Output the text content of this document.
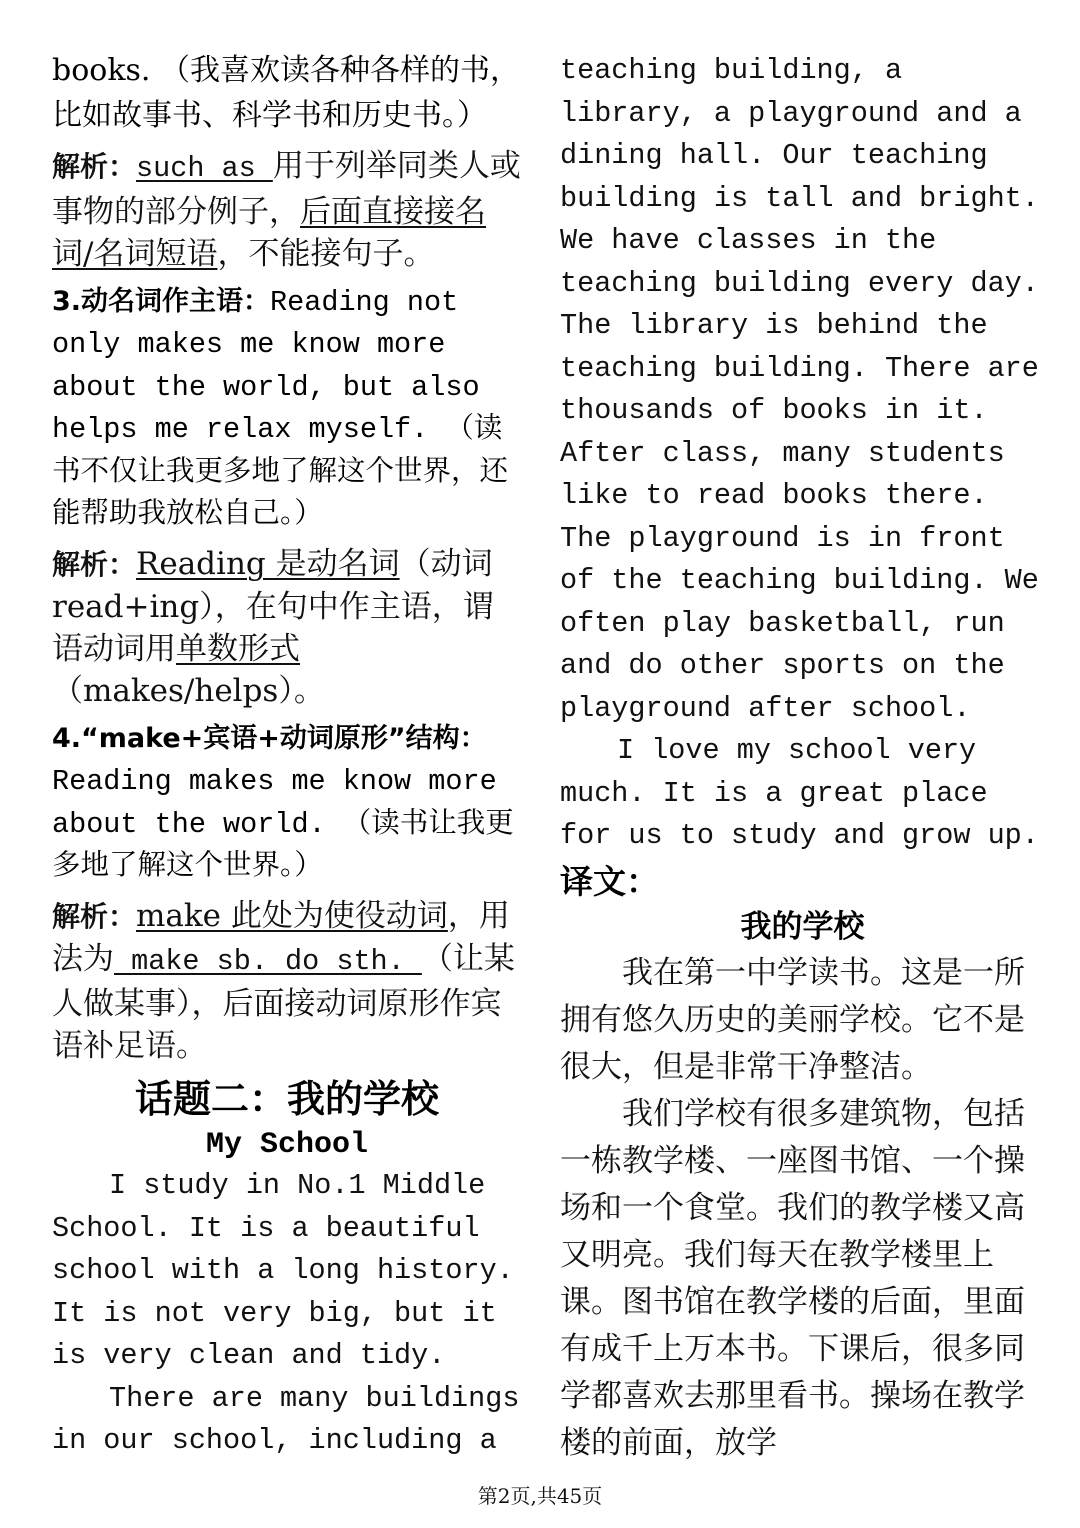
books. （我喜欢读各种各样的书，比如故事书、科学书和历史书。）

解析：such as 用于列举同类人或事物的部分例子，后面直接接名词/名词短语，不能接句子。

3.动名词作主语：Reading not only makes me know more about the world, but also helps me relax myself. （读书不仅让我更多地了解这个世界，还能帮助我放松自己。）

解析：Reading 是动名词（动词read+ing），在句中作主语，谓语动词用单数形式（makes/helps）。

4.“make+宾语+动词原形”结构：Reading makes me know more about the world. （读书让我更多地了解这个世界。）

解析：make 此处为使役动词，用法为 make sb. do sth. （让某人做某事），后面接动词原形作宾语补足语。

话题二：我的学校

My School

I study in No.1 Middle School. It is a beautiful school with a long history. It is not very big, but it is very clean and tidy.

There are many buildings in our school, including a

teaching building, a library, a playground and a dining hall. Our teaching building is tall and bright. We have classes in the teaching building every day. The library is behind the teaching building. There are thousands of books in it. After class, many students like to read books there. The playground is in front of the teaching building. We often play basketball, run and do other sports on the playground after school.

I love my school very much. It is a great place for us to study and grow up.

译文：

我的学校

我在第一中学读书。这是一所拥有悠久历史的美丽学校。它不是很大，但是非常干净整洁。

我们学校有很多建筑物，包括一栋教学楼、一座图书馆、一个操场和一个食堂。我们的教学楼又高又明亮。我们每天在教学楼里上课。图书馆在教学楼的后面，里面有成千上万本书。下课后，很多同学都喜欢去那里看书。操场在教学楼的前面，放学

第2页,共45页
